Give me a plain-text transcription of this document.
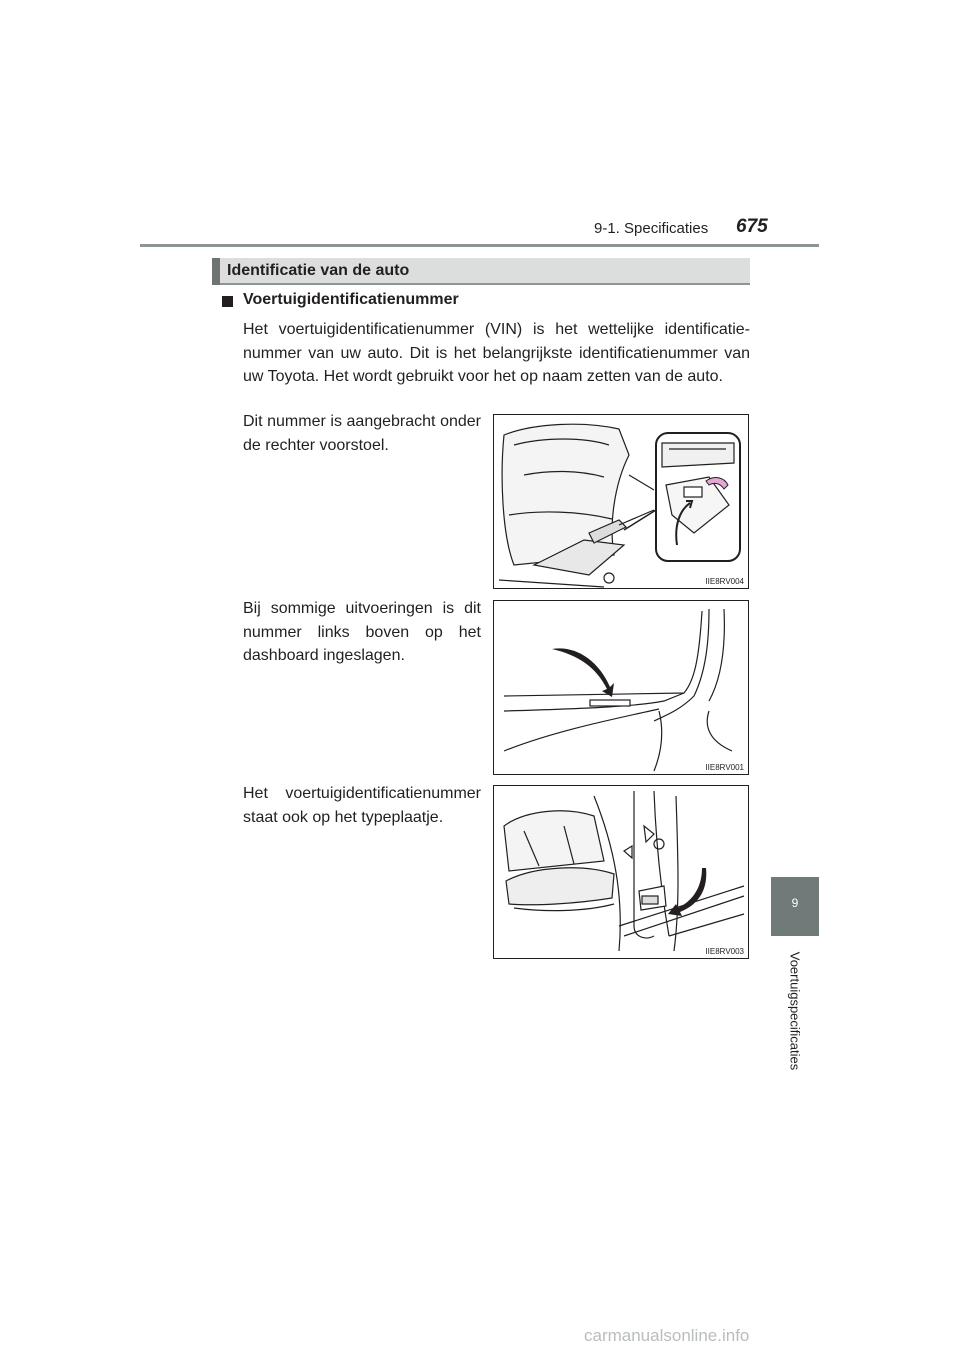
9-1. Specificaties 675
Identificatie van de auto
Voertuigidentificatienummer
Het voertuigidentificatienummer (VIN) is het wettelijke identificatie-nummer van uw auto. Dit is het belangrijkste identificatienummer van uw Toyota. Het wordt gebruikt voor het op naam zetten van de auto.
Dit nummer is aangebracht onder de rechter voorstoel.
IIE8RV004
Bij sommige uitvoeringen is dit nummer links boven op het dashboard ingeslagen.
IIE8RV001
Het voertuigidentificatienummer staat ook op het typeplaatje.
IIE8RV003
9
Voertuigspecificaties
carmanualsonline.info
